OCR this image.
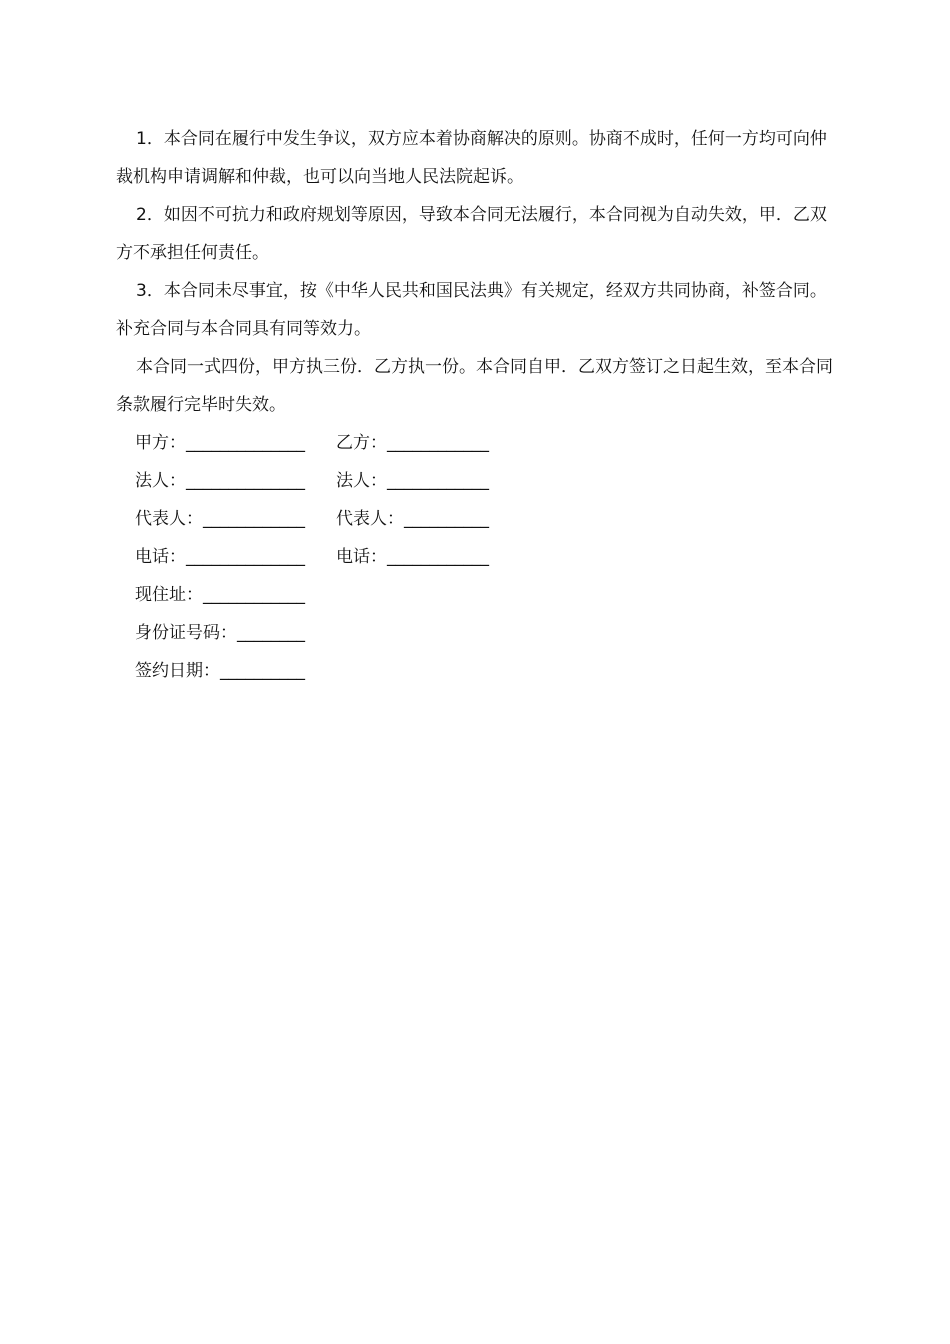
1．本合同在履行中发生争议，双方应本着协商解决的原则。协商不成时，任何一方均可向仲裁机构申请调解和仲裁，也可以向当地人民法院起诉。

2．如因不可抗力和政府规划等原因，导致本合同无法履行，本合同视为自动失效，甲．乙双方不承担任何责任。

3．本合同未尽事宜，按《中华人民共和国民法典》有关规定，经双方共同协商，补签合同。补充合同与本合同具有同等效力。

本合同一式四份，甲方执三份．乙方执一份。本合同自甲．乙双方签订之日起生效，至本合同条款履行完毕时失效。

甲方：______________	乙方：____________
法人：______________	法人：____________
代表人：____________	代表人：__________
电话：______________	电话：____________
现住址：____________
身份证号码：________
签约日期：__________
